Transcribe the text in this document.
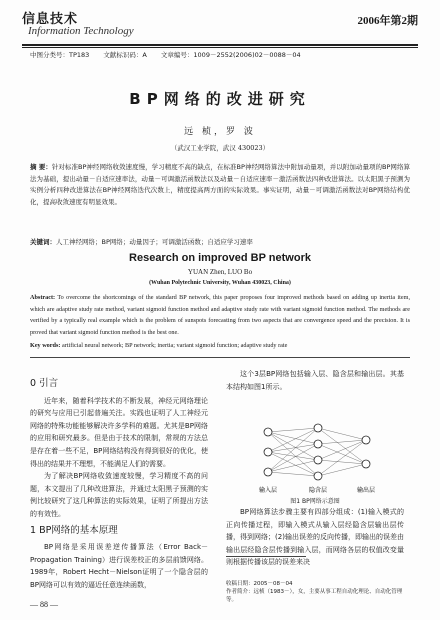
信息技术
Information Technology
2006年第2期
中图分类号：TP183 文献标识码：A 文章编号：1009－2552(2006)02－0088－04
BP网络的改进研究
远 桢，罗 波
（武汉工业学院，武汉 430023）
摘 要：针对标准BP神经网络收敛速度慢，学习精度不高的缺点，在标准BP神经网络算法中附加动量项，并以附加动量项的BP网络算法为基础，提出动量－自适应速率法，动量－可调激活函数法以及动量－自适应速率－激活函数法四种改进算法。以太阳黑子预测为实例分析四种改进算法在BP神经网络迭代次数上，精度提高两方面的实际效果。事实证明，动量－可调激活函数法对BP网络结构优化，提高收敛速度有明显效果。
关键词：人工神经网络；BP网络；动量因子；可调激活函数；自适应学习速率
Research on improved BP network
YUAN Zhen, LUO Bo
(Wuhan Polytechnic University, Wuhan 430023, China)
Abstract: To overcome the shortcomings of the standard BP network, this paper proposes four improved methods based on adding up inertia item, which are adaptive study rate method, variant sigmoid function method and adaptive study rate with variant sigmoid function method. The methods are verified by a typically real example which is the problem of sunspots forecasting from two aspects that are convergence speed and the precision. It is proved that variant sigmoid function method is the best one.
Key words: artificial neural network; BP network; inertia; variant sigmoid function; adaptive study rate
0 引言

近年来，随着科学技术的不断发展，神经元网络理论的研究与应用已引起普遍关注。实践也证明了人工神经元网络的特殊功能能够解决许多学科的难题。尤其是BP网络的应用和研究最多。但是由于技术的限制，常规的方法总是存在着一些不足，BP网络结构没有得到很好的优化，使得出的结果并不理想，不能满足人们的需要。

为了解决BP网络收敛速度较慢，学习精度不高的问题，本文提出了几种改进算法，并通过太阳黑子预测的实例比较研究了这几种算法的实际效果，证明了所提出方法的有效性。

1 BP网络的基本原理

BP网络是采用误差逆传播算法（Error Back－Propagation Training）进行误差校正的多层前馈网络。1989年，Robert Hecht－Nielson证明了一个隐含层的BP网络可以有效的逼近任意连续函数，

这个3层BP网络包括输入层、隐含层和输出层。其基本结构如图1所示。

输入层	隐含层	输出层
图1 BP网络示意图

BP网络算法步骤主要有四部分组成：(1)输入模式的正向传播过程，即输入模式从输入层经隐含层输出层传播，得到网络；(2)输出误差的反向传播，即输出的误差由输出层经隐含层传播到输入层，而网络各层的权值改变量则根据传播该层的误差来决

收稿日期：2005－08－04
作者简介：远桢（1983－），女，主要从事工程自动化理论、自动化管理等。
— 88 —
